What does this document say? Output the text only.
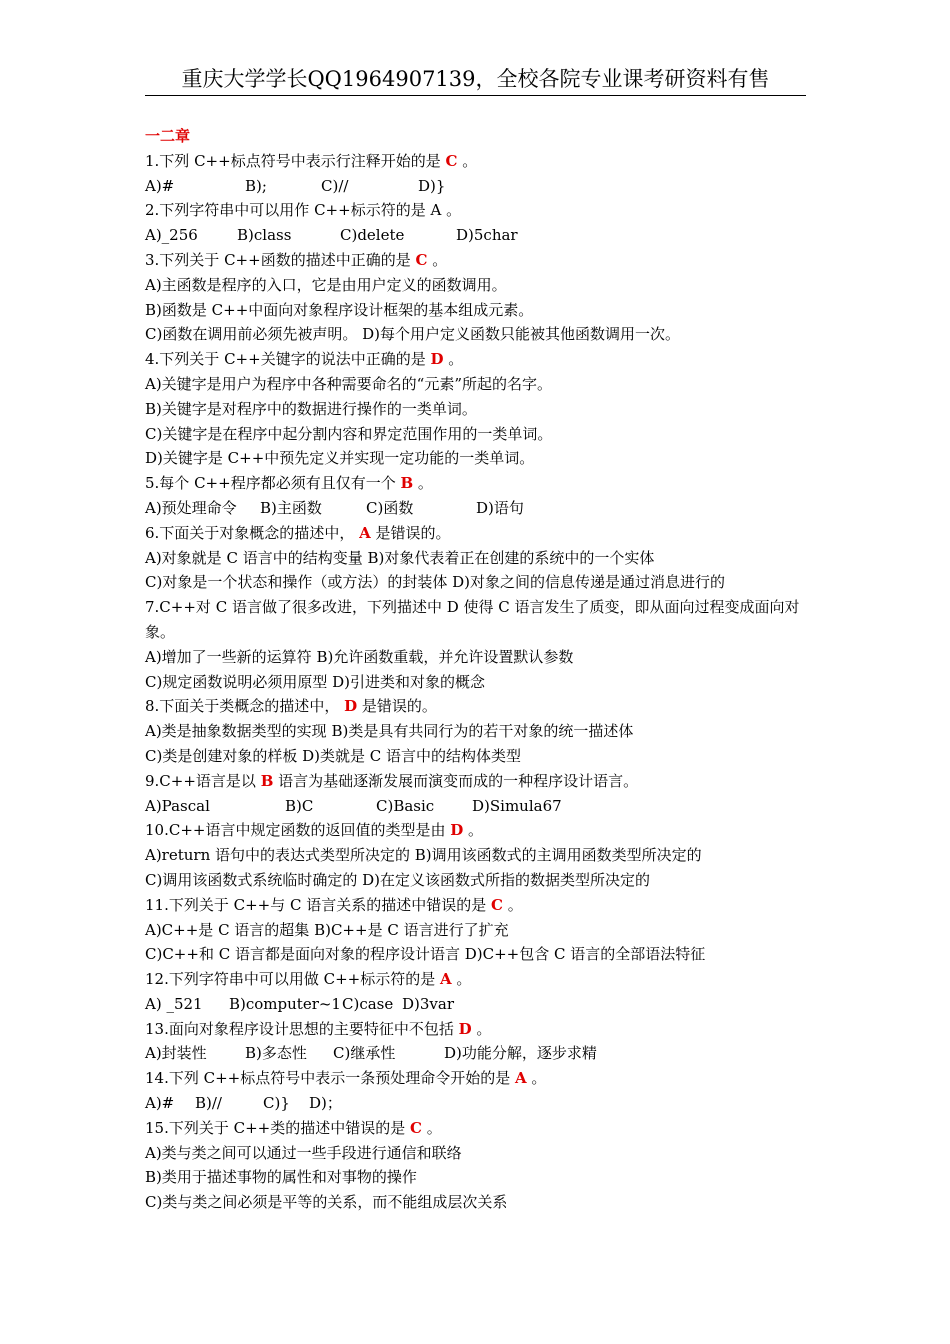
重庆大学学长QQ1964907139，全校各院专业课考研资料有售
一二章
1.下列 C++标点符号中表示行注释开始的是 C 。
A)#	B);	C)//	D)}
2.下列字符串中可以用作 C++标示符的是 A 。
A)_256	B)class	C)delete	D)5char
3.下列关于 C++函数的描述中正确的是 C 。
A)主函数是程序的入口，它是由用户定义的函数调用。
B)函数是 C++中面向对象程序设计框架的基本组成元素。
C)函数在调用前必须先被声明。 D)每个用户定义函数只能被其他函数调用一次。
4.下列关于 C++关键字的说法中正确的是 D 。
A)关键字是用户为程序中各种需要命名的“元素”所起的名字。
B)关键字是对程序中的数据进行操作的一类单词。
C)关键字是在程序中起分割内容和界定范围作用的一类单词。
D)关键字是 C++中预先定义并实现一定功能的一类单词。
5.每个 C++程序都必须有且仅有一个 B 。
A)预处理命令 B)主函数	C)函数	D)语句
6.下面关于对象概念的描述中， A 是错误的。
A)对象就是 C 语言中的结构变量 B)对象代表着正在创建的系统中的一个实体
C)对象是一个状态和操作（或方法）的封装体 D)对象之间的信息传递是通过消息进行的
7.C++对 C 语言做了很多改进，下列描述中 D 使得 C 语言发生了质变，即从面向过程变成面向对象。
A)增加了一些新的运算符 B)允许函数重载，并允许设置默认参数
C)规定函数说明必须用原型 D)引进类和对象的概念
8.下面关于类概念的描述中， D 是错误的。
A)类是抽象数据类型的实现 B)类是具有共同行为的若干对象的统一描述体
C)类是创建对象的样板 D)类就是 C 语言中的结构体类型
9.C++语言是以 B 语言为基础逐渐发展而演变而成的一种程序设计语言。
A)Pascal	B)C	C)Basic	D)Simula67
10.C++语言中规定函数的返回值的类型是由 D 。
A)return 语句中的表达式类型所决定的 B)调用该函数式的主调用函数类型所决定的
C)调用该函数式系统临时确定的 D)在定义该函数式所指的数据类型所决定的
11.下列关于 C++与 C 语言关系的描述中错误的是 C 。
A)C++是 C 语言的超集 B)C++是 C 语言进行了扩充
C)C++和 C 语言都是面向对象的程序设计语言 D)C++包含 C 语言的全部语法特征
12.下列字符串中可以用做 C++标示符的是 A 。
A) _521 B)computer~1C)case D)3var
13.面向对象程序设计思想的主要特征中不包括 D 。
A)封装性	B)多态性 C)继承性	D)功能分解，逐步求精
14.下列 C++标点符号中表示一条预处理命令开始的是 A 。
A)# B)//	C)} D)；
15.下列关于 C++类的描述中错误的是 C 。
A)类与类之间可以通过一些手段进行通信和联络
B)类用于描述事物的属性和对事物的操作
C)类与类之间必须是平等的关系，而不能组成层次关系
